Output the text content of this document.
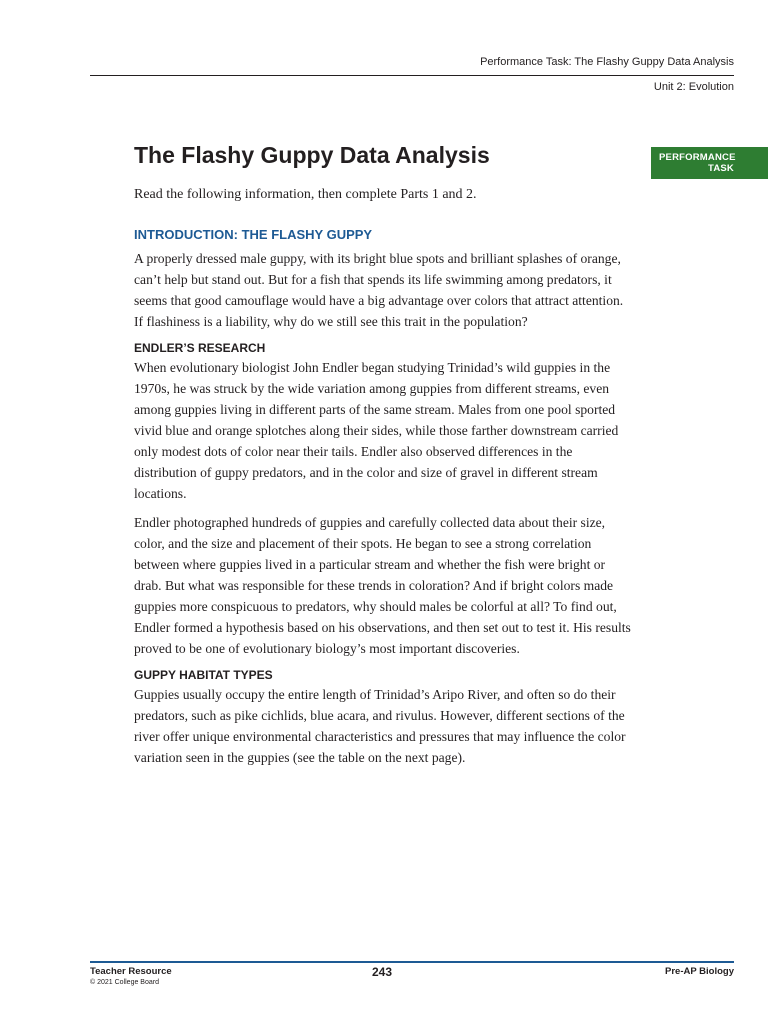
Performance Task: The Flashy Guppy Data Analysis
Unit 2: Evolution
PERFORMANCE
TASK
The Flashy Guppy Data Analysis

Read the following information, then complete Parts 1 and 2.

INTRODUCTION: THE FLASHY GUPPY

A properly dressed male guppy, with its bright blue spots and brilliant splashes of orange, can’t help but stand out. But for a fish that spends its life swimming among predators, it seems that good camouflage would have a big advantage over colors that attract attention. If flashiness is a liability, why do we still see this trait in the population?

ENDLER’S RESEARCH

When evolutionary biologist John Endler began studying Trinidad’s wild guppies in the 1970s, he was struck by the wide variation among guppies from different streams, even among guppies living in different parts of the same stream. Males from one pool sported vivid blue and orange splotches along their sides, while those farther downstream carried only modest dots of color near their tails. Endler also observed differences in the distribution of guppy predators, and in the color and size of gravel in different stream locations.

Endler photographed hundreds of guppies and carefully collected data about their size, color, and the size and placement of their spots. He began to see a strong correlation between where guppies lived in a particular stream and whether the fish were bright or drab. But what was responsible for these trends in coloration? And if bright colors made guppies more conspicuous to predators, why should males be colorful at all? To find out, Endler formed a hypothesis based on his observations, and then set out to test it. His results proved to be one of evolutionary biology’s most important discoveries.

GUPPY HABITAT TYPES

Guppies usually occupy the entire length of Trinidad’s Aripo River, and often so do their predators, such as pike cichlids, blue acara, and rivulus. However, different sections of the river offer unique environmental characteristics and pressures that may influence the color variation seen in the guppies (see the table on the next page).

Teacher Resource
© 2021 College Board
243	Pre-AP Biology
